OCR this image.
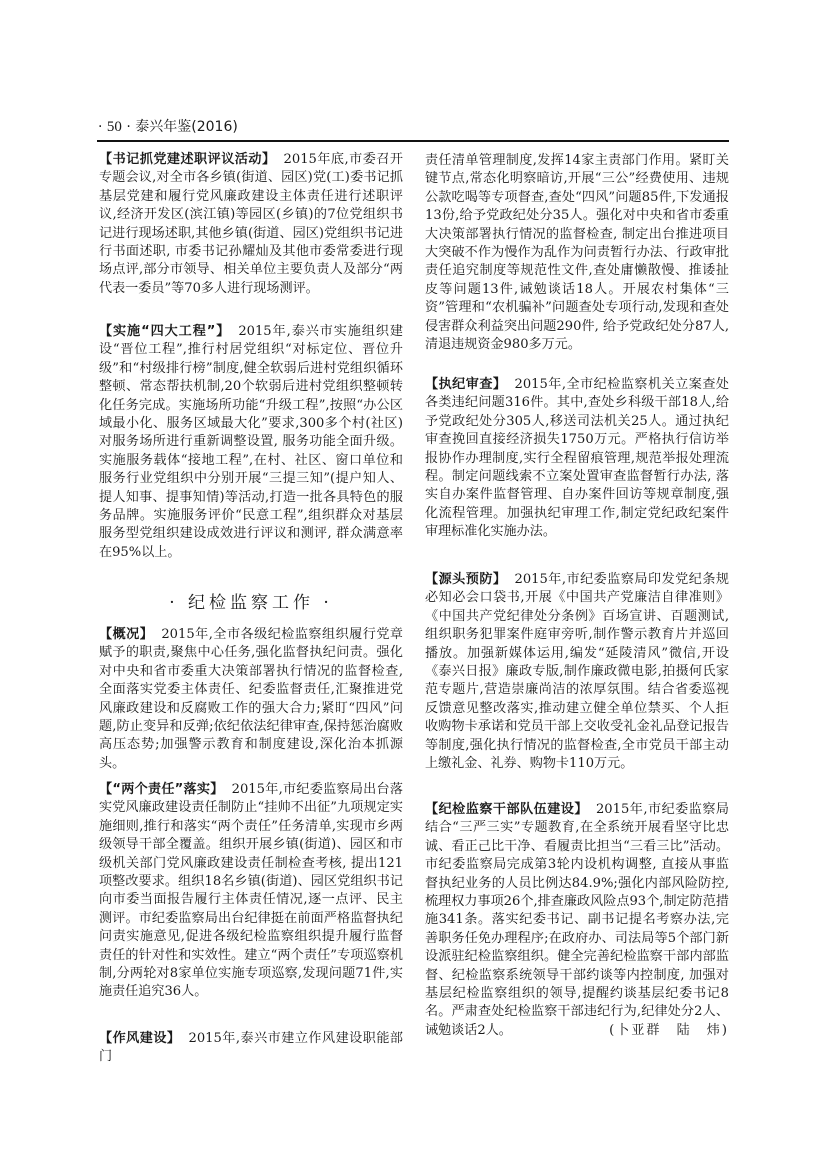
· 50 · 泰兴年鉴(2016)

【书记抓党建述职评议活动】 2015年底,市委召开专题会议,对全市各乡镇(街道、园区)党(工)委书记抓基层党建和履行党风廉政建设主体责任进行述职评议,经济开发区(滨江镇)等园区(乡镇)的7位党组织书记进行现场述职,其他乡镇(街道、园区)党组织书记进行书面述职, 市委书记孙耀灿及其他市委常委进行现场点评,部分市领导、相关单位主要负责人及部分“两代表一委员”等70多人进行现场测评。

【实施“四大工程”】 2015年,泰兴市实施组织建设“晋位工程”,推行村居党组织“对标定位、晋位升级”和“村级排行榜”制度,健全软弱后进村党组织循环整顿、常态帮扶机制,20个软弱后进村党组织整顿转化任务完成。实施场所功能“升级工程”,按照“办公区域最小化、服务区域最大化”要求,300多个村(社区)对服务场所进行重新调整设置, 服务功能全面升级。实施服务载体“接地工程”,在村、社区、窗口单位和服务行业党组织中分别开展“三提三知”(提户知人、提人知事、提事知情)等活动,打造一批各具特色的服务品牌。实施服务评价“民意工程”,组织群众对基层服务型党组织建设成效进行评议和测评, 群众满意率在95%以上。

· 纪检监察工作 ·

【概况】 2015年,全市各级纪检监察组织履行党章赋予的职责,聚焦中心任务,强化监督执纪问责。强化对中央和省市委重大决策部署执行情况的监督检查,全面落实党委主体责任、纪委监督责任,汇聚推进党风廉政建设和反腐败工作的强大合力;紧盯“四风”问题,防止变异和反弹;依纪依法纪律审查,保持惩治腐败高压态势;加强警示教育和制度建设,深化治本抓源头。

【“两个责任”落实】 2015年,市纪委监察局出台落实党风廉政建设责任制防止“挂帅不出征”九项规定实施细则,推行和落实“两个责任”任务清单,实现市乡两级领导干部全覆盖。组织开展乡镇(街道)、园区和市级机关部门党风廉政建设责任制检查考核, 提出121项整改要求。组织18名乡镇(街道)、园区党组织书记向市委当面报告履行主体责任情况,逐一点评、民主测评。市纪委监察局出台纪律挺在前面严格监督执纪问责实施意见,促进各级纪检监察组织提升履行监督责任的针对性和实效性。建立“两个责任”专项巡察机制,分两轮对8家单位实施专项巡察,发现问题71件,实施责任追究36人。

【作风建设】 2015年,泰兴市建立作风建设职能部门

责任清单管理制度,发挥14家主责部门作用。紧盯关键节点,常态化明察暗访,开展“三公”经费使用、违规公款吃喝等专项督查,查处“四风”问题85件,下发通报13份,给予党政纪处分35人。强化对中央和省市委重大决策部署执行情况的监督检查, 制定出台推进项目大突破不作为慢作为乱作为问责暂行办法、行政审批责任追究制度等规范性文件,查处庸懒散慢、推诿扯皮等问题13件,诫勉谈话18人。开展农村集体“三资”管理和“农机骗补”问题查处专项行动,发现和查处侵害群众利益突出问题290件, 给予党政纪处分87人, 清退违规资金980多万元。

【执纪审查】 2015年,全市纪检监察机关立案查处各类违纪问题316件。其中,查处乡科级干部18人,给予党政纪处分305人,移送司法机关25人。通过执纪审查挽回直接经济损失1750万元。严格执行信访举报协作办理制度,实行全程留痕管理,规范举报处理流程。制定问题线索不立案处置审查监督暂行办法, 落实自办案件监督管理、自办案件回访等规章制度,强化流程管理。加强执纪审理工作,制定党纪政纪案件审理标准化实施办法。

【源头预防】 2015年,市纪委监察局印发党纪条规必知必会口袋书,开展《中国共产党廉洁自律准则》《中国共产党纪律处分条例》百场宣讲、百题测试,组织职务犯罪案件庭审旁听,制作警示教育片并巡回播放。加强新媒体运用,编发“延陵清风”微信,开设《泰兴日报》廉政专版,制作廉政微电影,拍摄何氏家范专题片,营造崇廉尚洁的浓厚氛围。结合省委巡视反馈意见整改落实,推动建立健全单位禁买、个人拒收购物卡承诺和党员干部上交收受礼金礼品登记报告等制度,强化执行情况的监督检查,全市党员干部主动上缴礼金、礼券、购物卡110万元。

【纪检监察干部队伍建设】 2015年,市纪委监察局结合“三严三实”专题教育,在全系统开展看坚守比忠诚、看正己比干净、看履责比担当“三看三比”活动。市纪委监察局完成第3轮内设机构调整, 直接从事监督执纪业务的人员比例达84.9%;强化内部风险防控,梳理权力事项26个,排查廉政风险点93个,制定防范措施341条。落实纪委书记、副书记提名考察办法,完善职务任免办理程序;在政府办、司法局等5个部门新设派驻纪检监察组织。健全完善纪检监察干部内部监督、纪检监察系统领导干部约谈等内控制度, 加强对基层纪检监察组织的领导,提醒约谈基层纪委书记8名。严肃查处纪检监察干部违纪行为,纪律处分2人、诫勉谈话2人。	(卜亚群　陆　炜)
